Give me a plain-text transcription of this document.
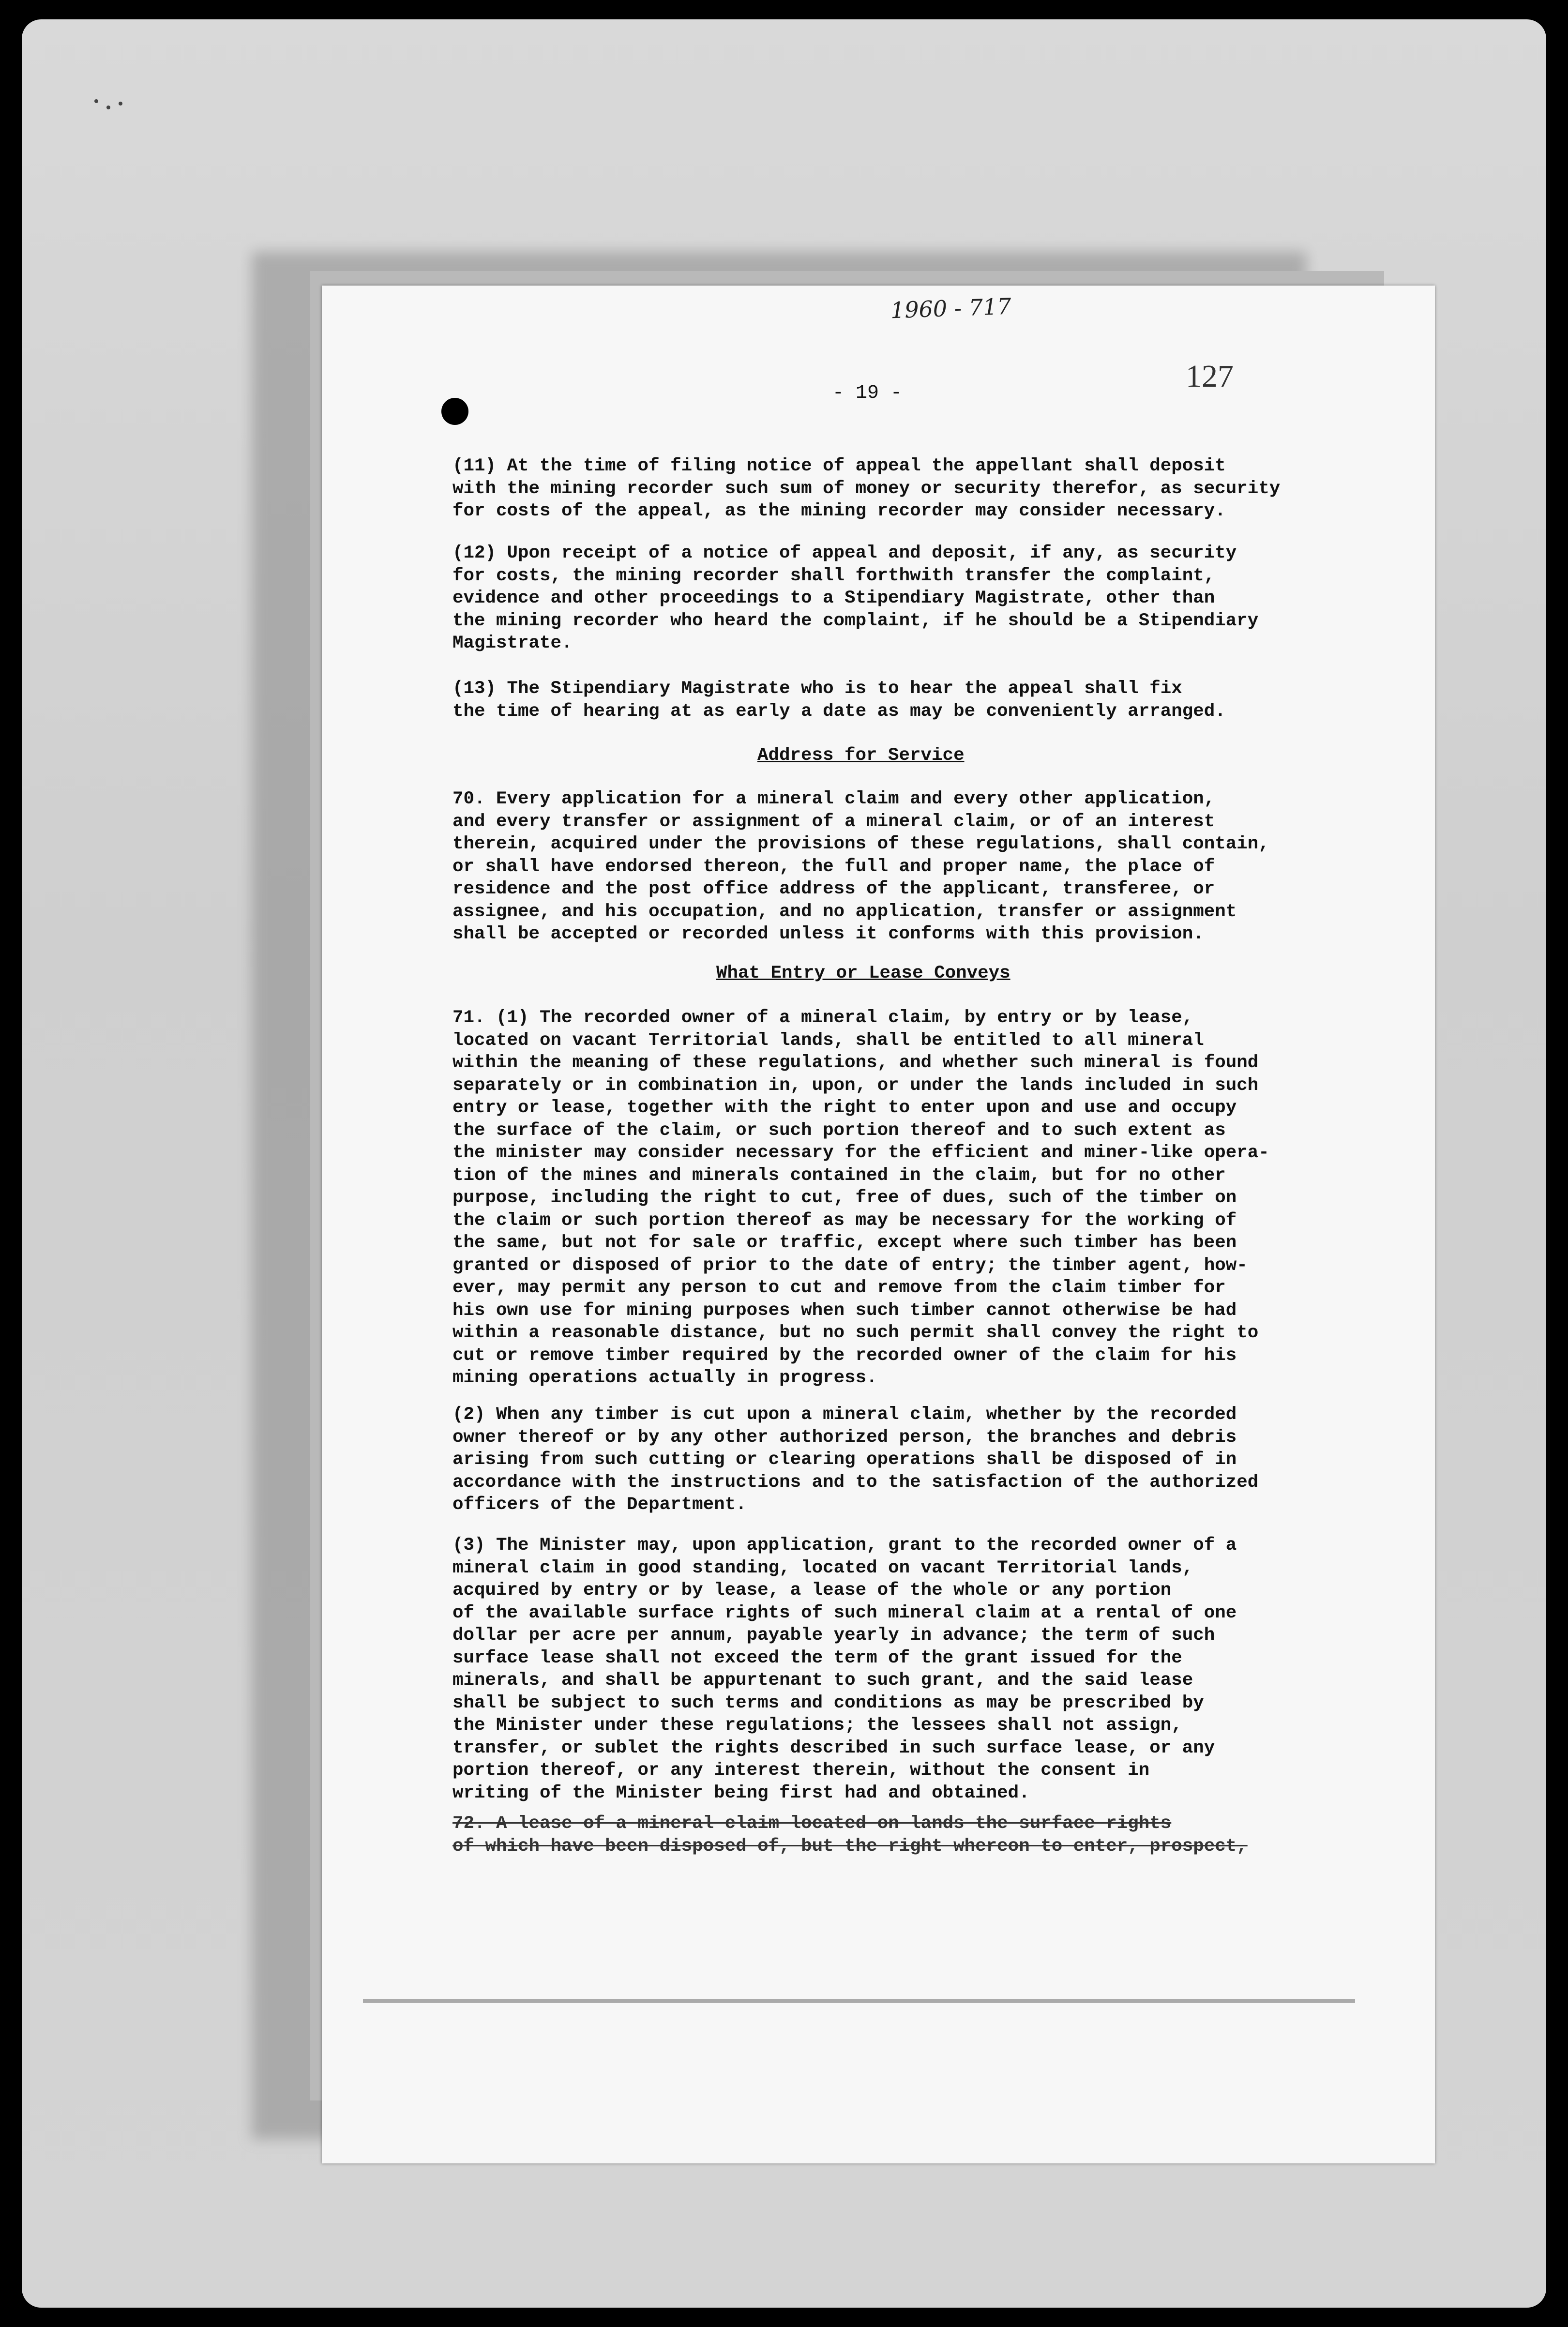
1960 - 717
127
- 19 -
(11) At the time of filing notice of appeal the appellant shall deposit
with the mining recorder such sum of money or security therefor, as security
for costs of the appeal, as the mining recorder may consider necessary.
(12) Upon receipt of a notice of appeal and deposit, if any, as security
for costs, the mining recorder shall forthwith transfer the complaint,
evidence and other proceedings to a Stipendiary Magistrate, other than
the mining recorder who heard the complaint, if he should be a Stipendiary
Magistrate.
(13) The Stipendiary Magistrate who is to hear the appeal shall fix
the time of hearing at as early a date as may be conveniently arranged.
Address for Service
70. Every application for a mineral claim and every other application,
and every transfer or assignment of a mineral claim, or of an interest
therein, acquired under the provisions of these regulations, shall contain,
or shall have endorsed thereon, the full and proper name, the place of
residence and the post office address of the applicant, transferee, or
assignee, and his occupation, and no application, transfer or assignment
shall be accepted or recorded unless it conforms with this provision.
What Entry or Lease Conveys
71. (1) The recorded owner of a mineral claim, by entry or by lease,
located on vacant Territorial lands, shall be entitled to all mineral
within the meaning of these regulations, and whether such mineral is found
separately or in combination in, upon, or under the lands included in such
entry or lease, together with the right to enter upon and use and occupy
the surface of the claim, or such portion thereof and to such extent as
the minister may consider necessary for the efficient and miner-like opera-
tion of the mines and minerals contained in the claim, but for no other
purpose, including the right to cut, free of dues, such of the timber on
the claim or such portion thereof as may be necessary for the working of
the same, but not for sale or traffic, except where such timber has been
granted or disposed of prior to the date of entry; the timber agent, how-
ever, may permit any person to cut and remove from the claim timber for
his own use for mining purposes when such timber cannot otherwise be had
within a reasonable distance, but no such permit shall convey the right to
cut or remove timber required by the recorded owner of the claim for his
mining operations actually in progress.
(2) When any timber is cut upon a mineral claim, whether by the recorded
owner thereof or by any other authorized person, the branches and debris
arising from such cutting or clearing operations shall be disposed of in
accordance with the instructions and to the satisfaction of the authorized
officers of the Department.
(3) The Minister may, upon application, grant to the recorded owner of a
mineral claim in good standing, located on vacant Territorial lands,
acquired by entry or by lease, a lease of the whole or any portion
of the available surface rights of such mineral claim at a rental of one
dollar per acre per annum, payable yearly in advance; the term of such
surface lease shall not exceed the term of the grant issued for the
minerals, and shall be appurtenant to such grant, and the said lease
shall be subject to such terms and conditions as may be prescribed by
the Minister under these regulations; the lessees shall not assign,
transfer, or sublet the rights described in such surface lease, or any
portion thereof, or any interest therein, without the consent in
writing of the Minister being first had and obtained.
72. A lease of a mineral claim located on lands the surface rights
of which have been disposed of, but the right whereon to enter, prospect,
